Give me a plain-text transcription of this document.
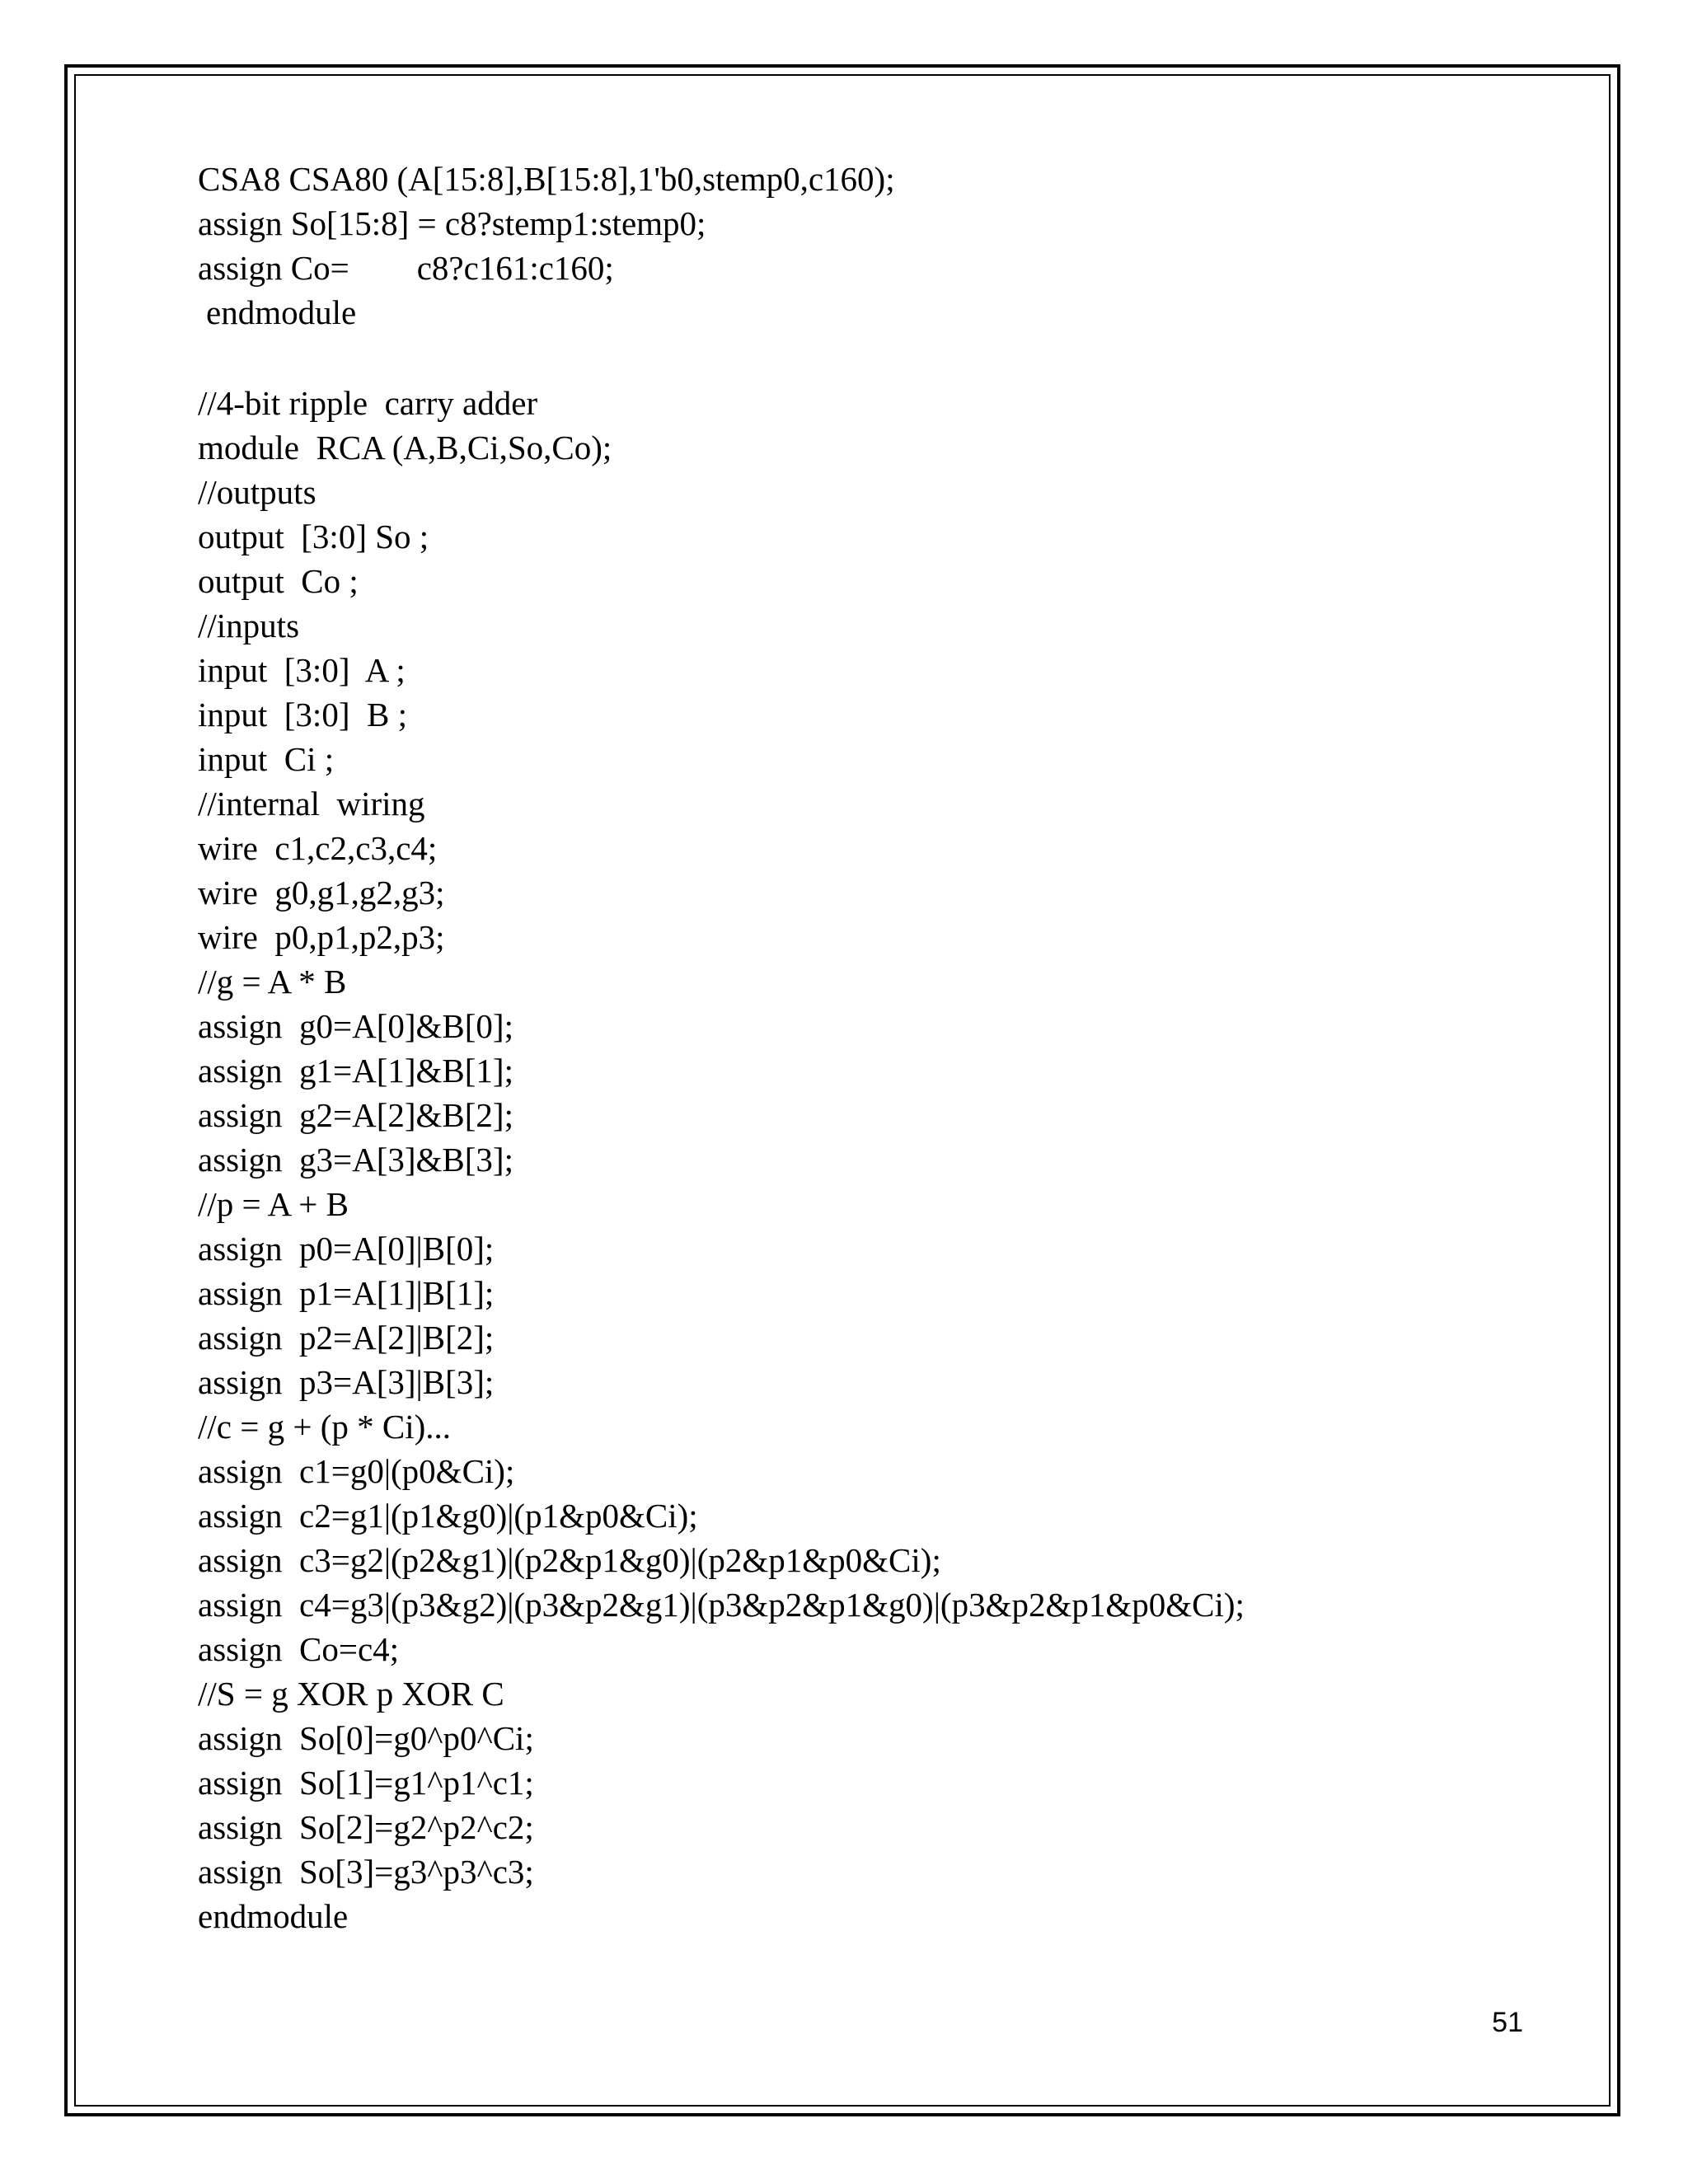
CSA8 CSA80 (A[15:8],B[15:8],1'b0,stemp0,c160);
assign So[15:8] = c8?stemp1:stemp0;
assign Co=        c8?c161:c160;
endmodule
//4-bit ripple  carry adder
module  RCA (A,B,Ci,So,Co);
//outputs
output  [3:0] So ;
output  Co ;
//inputs
input  [3:0]  A ;
input  [3:0]  B ;
input  Ci ;
//internal  wiring
wire  c1,c2,c3,c4;
wire  g0,g1,g2,g3;
wire  p0,p1,p2,p3;
//g = A * B
assign  g0=A[0]&B[0];
assign  g1=A[1]&B[1];
assign  g2=A[2]&B[2];
assign  g3=A[3]&B[3];
//p = A + B
assign  p0=A[0]|B[0];
assign  p1=A[1]|B[1];
assign  p2=A[2]|B[2];
assign  p3=A[3]|B[3];
//c = g + (p * Ci)...
assign  c1=g0|(p0&Ci);
assign  c2=g1|(p1&g0)|(p1&p0&Ci);
assign  c3=g2|(p2&g1)|(p2&p1&g0)|(p2&p1&p0&Ci);
assign  c4=g3|(p3&g2)|(p3&p2&g1)|(p3&p2&p1&g0)|(p3&p2&p1&p0&Ci);
assign  Co=c4;
//S = g XOR p XOR C
assign  So[0]=g0^p0^Ci;
assign  So[1]=g1^p1^c1;
assign  So[2]=g2^p2^c2;
assign  So[3]=g3^p3^c3;
endmodule
51
